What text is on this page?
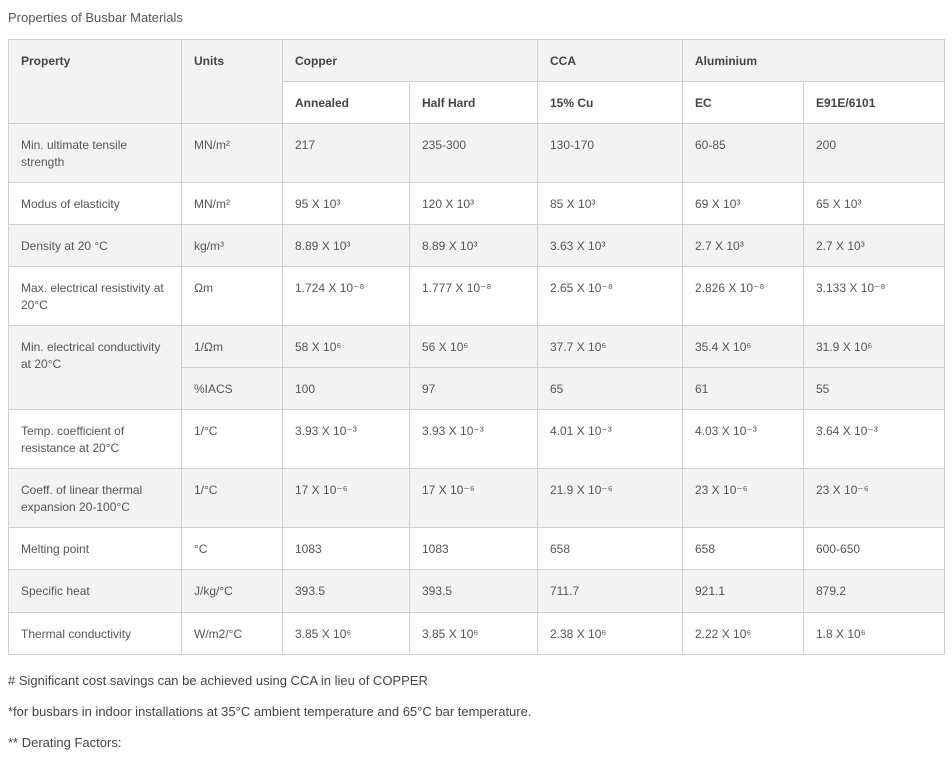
Properties of Busbar Materials
Property	Units	Copper		CCA	Aluminium	
		Annealed	Half Hard	15% Cu	EC	E91E/6101
Min. ultimate tensile strength	MN/m²	217	235-300	130-170	60-85	200
Modus of elasticity	MN/m²	95 X 10³	120 X 10³	85 X 10³	69 X 10³	65 X 10³
Density at 20 °C	kg/m³	8.89 X 10³	8.89 X 10³	3.63 X 10³	2.7 X 10³	2.7 X 10³
Max. electrical resistivity at 20°C	Ωm	1.724 X 10⁻⁸	1.777 X 10⁻⁸	2.65 X 10⁻⁸	2.826 X 10⁻⁸	3.133 X 10⁻⁸
Min. electrical conductivity at 20°C	1/Ωm	58 X 10⁶	56 X 10⁶	37.7 X 10⁶	35.4 X 10⁶	31.9 X 10⁶
	%IACS	100	97	65	61	55
Temp. coefficient of resistance at 20°C	1/°C	3.93 X 10⁻³	3.93 X 10⁻³	4.01 X 10⁻³	4.03 X 10⁻³	3.64 X 10⁻³
Coeff. of linear thermal expansion 20-100°C	1/°C	17 X 10⁻⁶	17 X 10⁻⁶	21.9 X 10⁻⁶	23 X 10⁻⁶	23 X 10⁻⁶
Melting point	°C	1083	1083	658	658	600-650
Specific heat	J/kg/°C	393.5	393.5	711.7	921.1	879.2
Thermal conductivity	W/m2/°C	3.85 X 10⁶	3.85 X 10⁶	2.38 X 10⁶	2.22 X 10⁶	1.8 X 10⁶
# Significant cost savings can be achieved using CCA in lieu of COPPER
*for busbars in indoor installations at 35°C ambient temperature and 65°C bar temperature.
** Derating Factors:
